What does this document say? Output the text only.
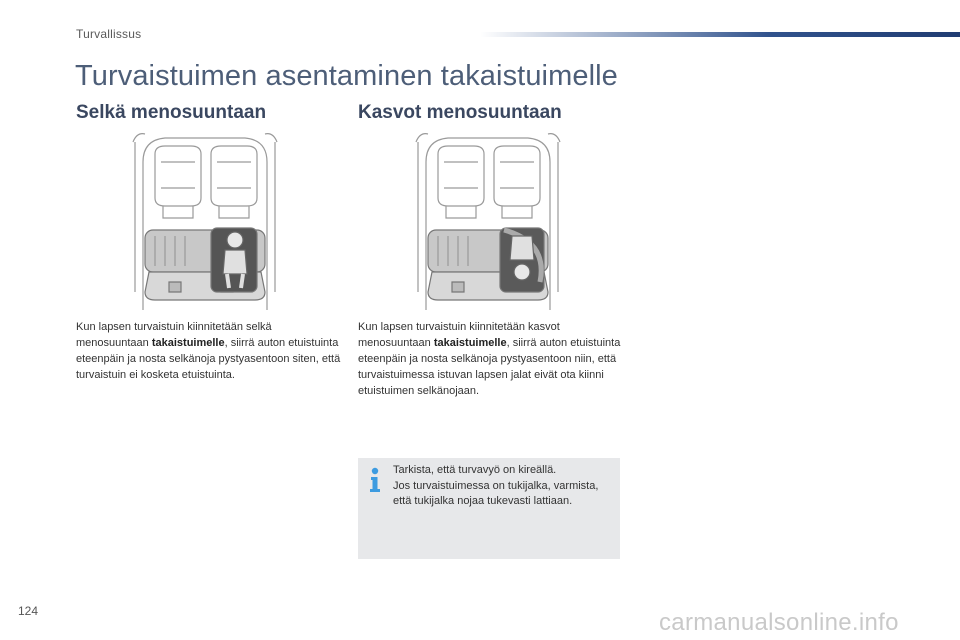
Turvallissus
Turvaistuimen asentaminen takaistuimelle
Selkä menosuuntaan	Kasvot menosuuntaan
Kun lapsen turvaistuin kiinnitetään selkä menosuuntaan takaistuimelle, siirrä auton etuistuinta eteenpäin ja nosta selkänoja pystyasentoon siten, että turvaistuin ei kosketa etuistuinta.
Kun lapsen turvaistuin kiinnitetään kasvot menosuuntaan takaistuimelle, siirrä auton etuistuinta eteenpäin ja nosta selkänoja pystyasentoon niin, että turvaistuimessa istuvan lapsen jalat eivät ota kiinni etuistuimen selkänojaan.
Tarkista, että turvavyö on kireällä.
Jos turvaistuimessa on tukijalka, varmista, että tukijalka nojaa tukevasti lattiaan.
124	carmanualsonline.info
